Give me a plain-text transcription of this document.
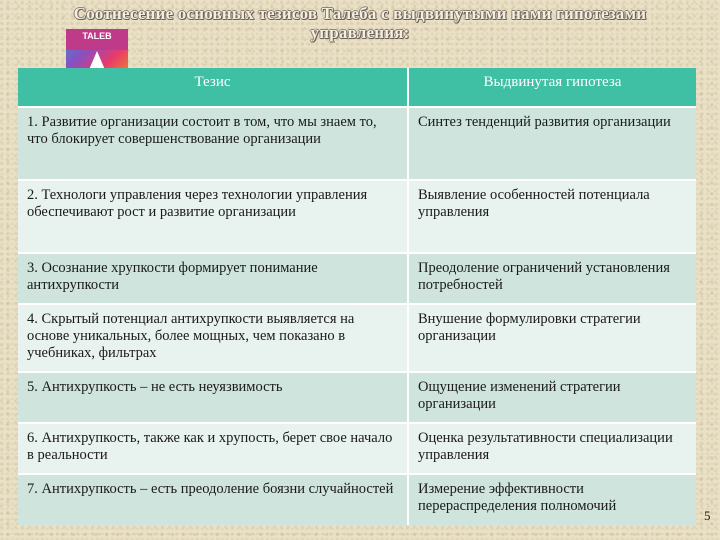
Соотнесение основных тезисов Талеба с выдвинутыми нами гипотезами
управления:
TALEB
Тезис	Выдвинутая гипотеза
1. Развитие организации состоит в том, что мы знаем то, что блокирует совершенствование организации	Синтез тенденций развития организации
2. Технологи управления через технологии управления обеспечивают рост и развитие организации	Выявление особенностей потенциала управления
3. Осознание хрупкости формирует понимание антихрупкости	Преодоление ограничений установления потребностей
4. Скрытый потенциал антихрупкости выявляется на основе уникальных, более мощных, чем показано в учебниках, фильтрах	Внушение формулировки стратегии организации
5. Антихрупкость – не есть неуязвимость	Ощущение изменений стратегии организации
6. Антихрупкость, также как и хрупость, берет свое начало в реальности	Оценка результативности специализации управления
7. Антихрупкость – есть преодоление боязни случайностей	Измерение эффективности перераспределения полномочий
5
